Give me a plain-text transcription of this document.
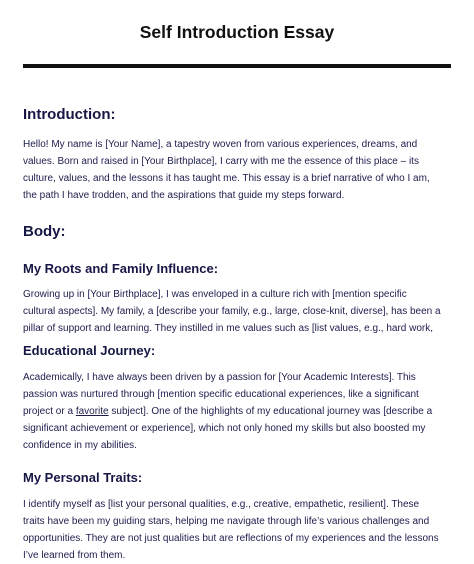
Self Introduction Essay
Introduction:

Hello! My name is [Your Name], a tapestry woven from various experiences, dreams, and
values. Born and raised in [Your Birthplace], I carry with me the essence of this place – its
culture, values, and the lessons it has taught me. This essay is a brief narrative of who I am,
the path I have trodden, and the aspirations that guide my steps forward.

Body:
My Roots and Family Influence:

Growing up in [Your Birthplace], I was enveloped in a culture rich with [mention specific
cultural aspects]. My family, a [describe your family, e.g., large, close-knit, diverse], has been a
pillar of support and learning. They instilled in me values such as [list values, e.g., hard work,

Educational Journey:

Academically, I have always been driven by a passion for [Your Academic Interests]. This
passion was nurtured through [mention specific educational experiences, like a significant
project or a favorite subject]. One of the highlights of my educational journey was [describe a
significant achievement or experience], which not only honed my skills but also boosted my
confidence in my abilities.

My Personal Traits:

I identify myself as [list your personal qualities, e.g., creative, empathetic, resilient]. These
traits have been my guiding stars, helping me navigate through life’s various challenges and
opportunities. They are not just qualities but are reflections of my experiences and the lessons
I’ve learned from them.
